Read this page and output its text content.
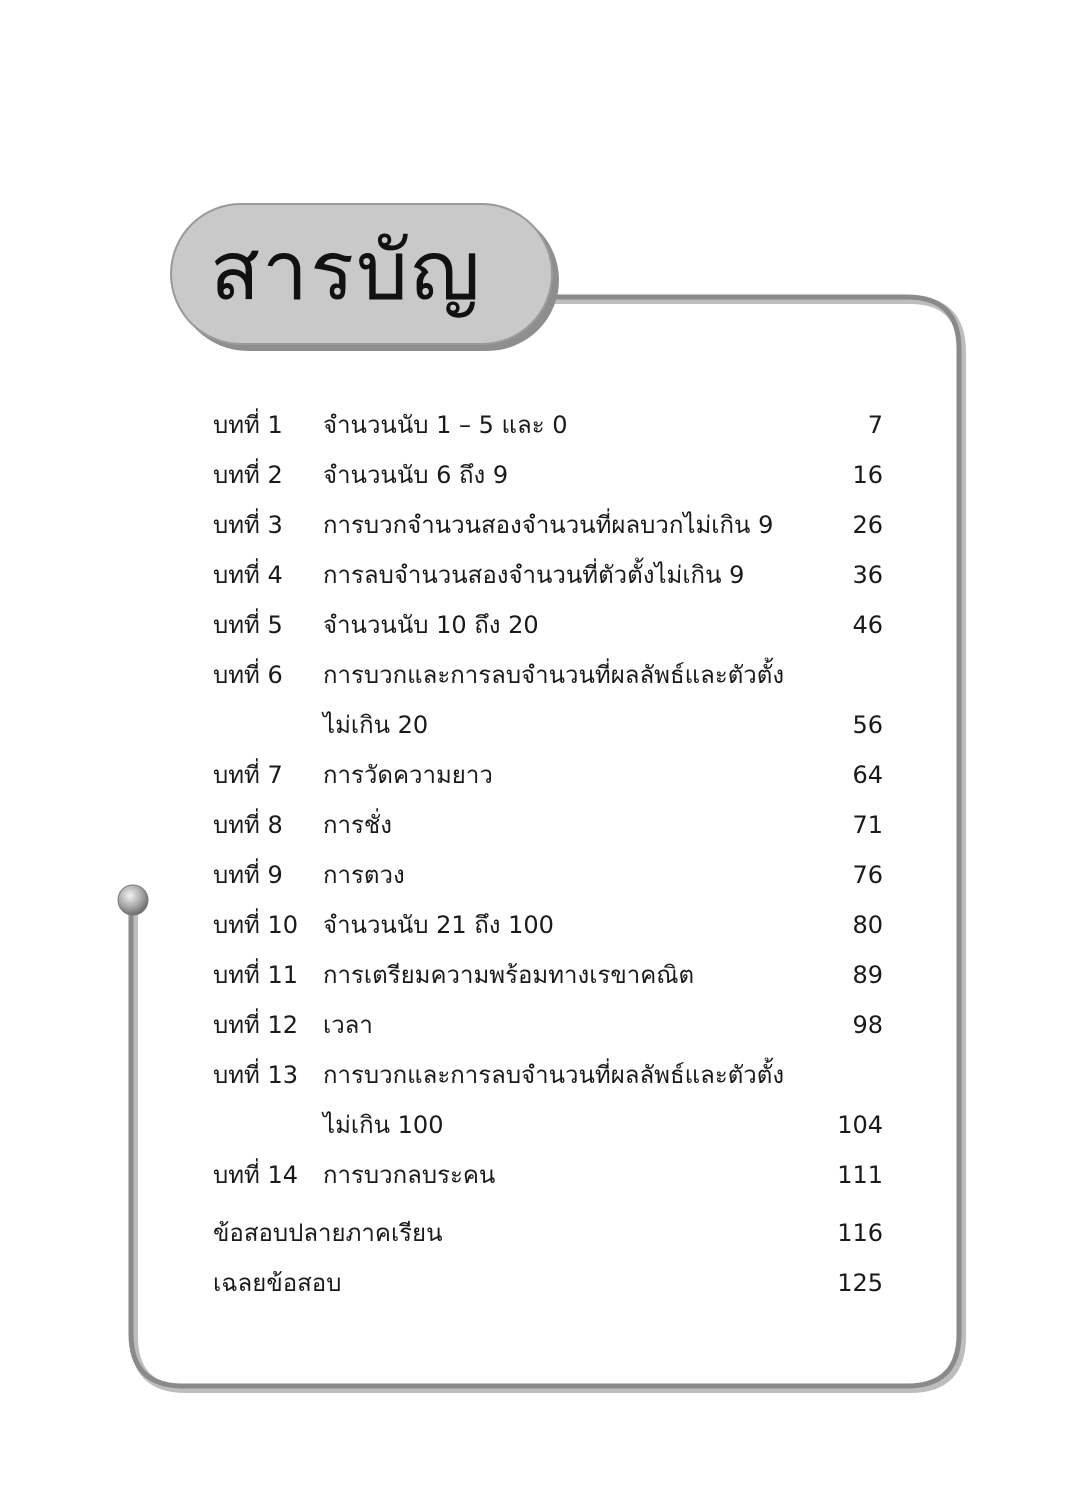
สารบัญ
บทที่ 1 จำนวนนับ 1 – 5 และ 0	7
บทที่ 2 จำนวนนับ 6 ถึง 9	16
บทที่ 3 การบวกจำนวนสองจำนวนที่ผลบวกไม่เกิน 9	26
บทที่ 4 การลบจำนวนสองจำนวนที่ตัวตั้งไม่เกิน 9	36
บทที่ 5 จำนวนนับ 10 ถึง 20	46
บทที่ 6 การบวกและการลบจำนวนที่ผลลัพธ์และตัวตั้ง
ไม่เกิน 20	56
บทที่ 7 การวัดความยาว	64
บทที่ 8 การชั่ง	71
บทที่ 9 การตวง	76
บทที่ 10 จำนวนนับ 21 ถึง 100	80
บทที่ 11 การเตรียมความพร้อมทางเรขาคณิต	89
บทที่ 12 เวลา	98
บทที่ 13 การบวกและการลบจำนวนที่ผลลัพธ์และตัวตั้ง
ไม่เกิน 100	104
บทที่ 14 การบวกลบระคน	111
ข้อสอบปลายภาคเรียน	116
เฉลยข้อสอบ	125
